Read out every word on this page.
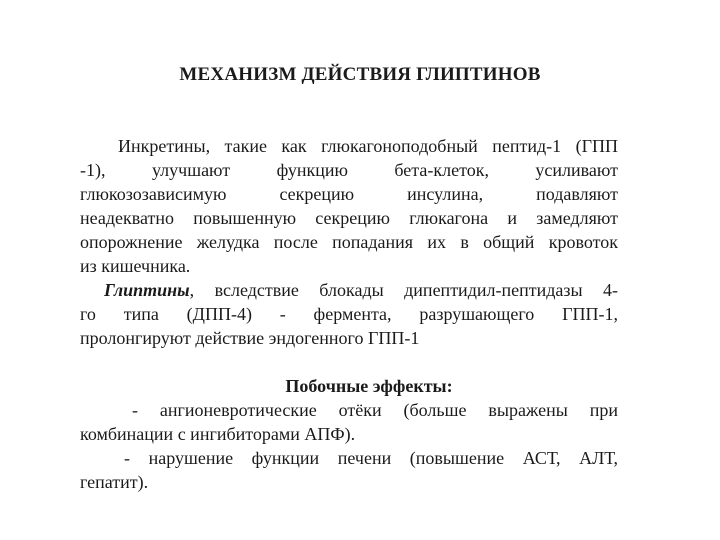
МЕХАНИЗМ ДЕЙСТВИЯ ГЛИПТИНОВ
Инкретины, такие как глюкагоноподобный пептид-1 (ГПП
-1), улучшают функцию бета-клеток, усиливают
глюкозозависимую секрецию инсулина, подавляют
неадекватно повышенную секрецию глюкагона и замедляют
опорожнение желудка после попадания их в общий кровоток
из кишечника.
Глиптины, вследствие блокады дипептидил-пептидазы 4-
го типа (ДПП-4) - фермента, разрушающего ГПП-1,
пролонгируют действие эндогенного ГПП-1
Побочные эффекты:
- ангионевротические отёки (больше выражены при
комбинации с ингибиторами АПФ).
- нарушение функции печени (повышение АСТ, АЛТ,
гепатит).
